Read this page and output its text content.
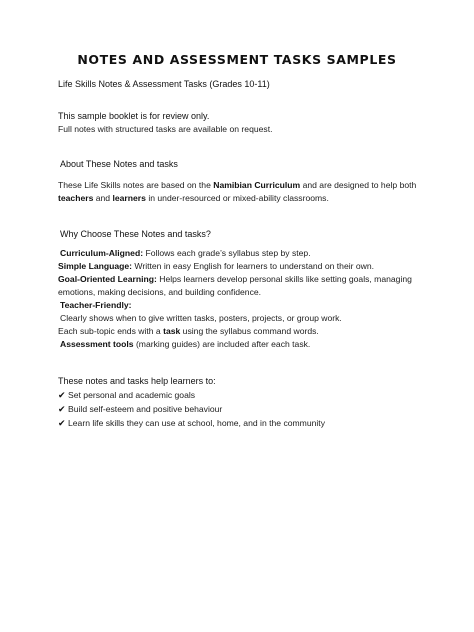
NOTES AND ASSESSMENT TASKS SAMPLES
Life Skills Notes & Assessment Tasks (Grades 10-11)
This sample booklet is for review only.
Full notes with structured tasks are available on request.
About These Notes and tasks
These Life Skills notes are based on the Namibian Curriculum and are designed to help both
teachers and learners in under-resourced or mixed-ability classrooms.
Why Choose These Notes and tasks?
Curriculum-Aligned: Follows each grade’s syllabus step by step.
Simple Language: Written in easy English for learners to understand on their own.
Goal-Oriented Learning: Helps learners develop personal skills like setting goals, managing
emotions, making decisions, and building confidence.
Teacher-Friendly:
Clearly shows when to give written tasks, posters, projects, or group work.
Each sub-topic ends with a task using the syllabus command words.
Assessment tools (marking guides) are included after each task.
These notes and tasks help learners to:
✔ Set personal and academic goals
✔ Build self-esteem and positive behaviour
✔ Learn life skills they can use at school, home, and in the community
